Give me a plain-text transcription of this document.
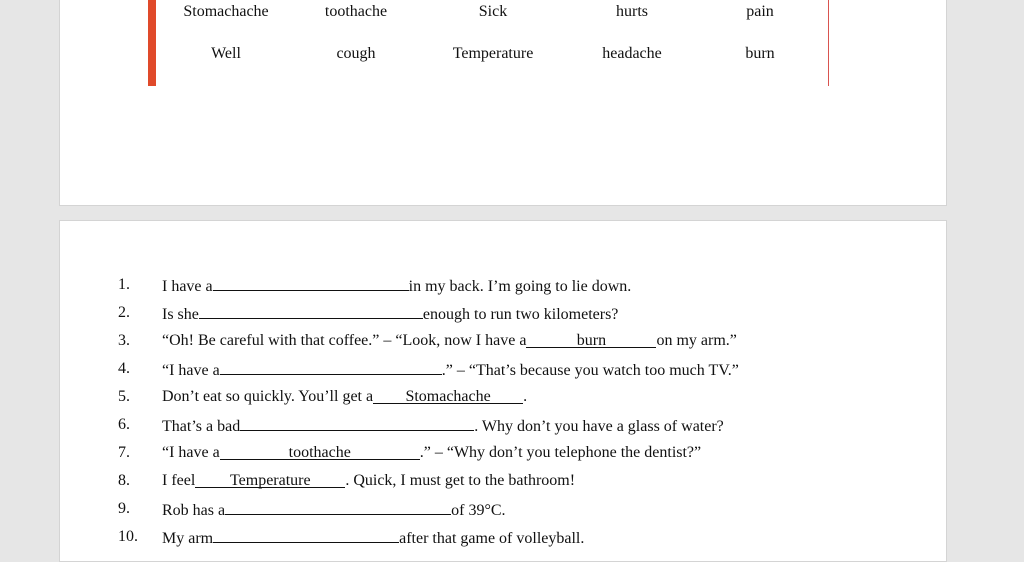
Stomachache	toothache	Sick	hurts	pain
Well	cough	Temperature	headache	burn
1.	I have a	in my back. I’m going to lie down.
2.	Is she	enough to run two kilometers?
3.	“Oh! Be careful with that coffee.” – “Look, now I have a	burn	on my arm.”
4.	“I have a	.” – “That’s because you watch too much TV.”
5.	Don’t eat so quickly. You’ll get a Stomachache .
6.	That’s a bad	. Why don’t you have a glass of water?
7.	“I have a	toothache	.” – “Why don’t you telephone the dentist?”
8.	I feel Temperature . Quick, I must get to the bathroom!
9.	Rob has a	of 39°C.
10.	My arm	after that game of volleyball.
